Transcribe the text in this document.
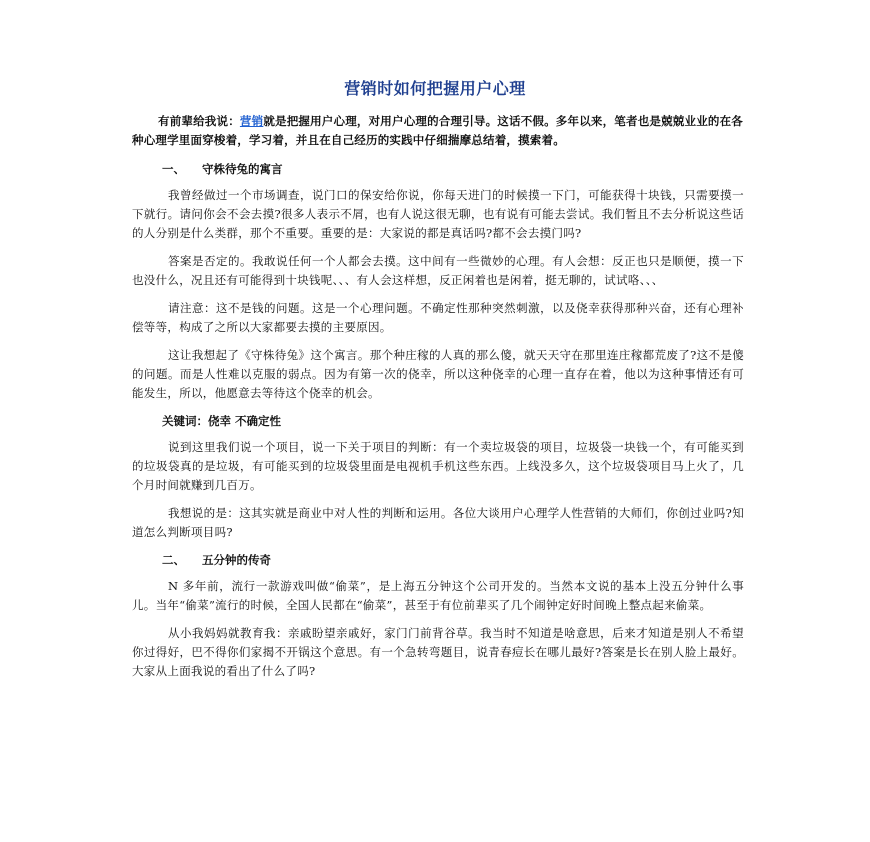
营销时如何把握用户心理

有前辈给我说：营销就是把握用户心理，对用户心理的合理引导。这话不假。多年以来，笔者也是兢兢业业的在各种心理学里面穿梭着，学习着，并且在自己经历的实践中仔细揣摩总结着，摸索着。

一、 守株待兔的寓言

我曾经做过一个市场调查，说门口的保安给你说，你每天进门的时候摸一下门，可能获得十块钱，只需要摸一下就行。请问你会不会去摸?很多人表示不屑，也有人说这很无聊，也有说有可能去尝试。我们暂且不去分析说这些话的人分别是什么类群，那个不重要。重要的是：大家说的都是真话吗?都不会去摸门吗?

答案是否定的。我敢说任何一个人都会去摸。这中间有一些微妙的心理。有人会想：反正也只是顺便，摸一下也没什么，况且还有可能得到十块钱呢、、、有人会这样想，反正闲着也是闲着，挺无聊的，试试咯、、、

请注意：这不是钱的问题。这是一个心理问题。不确定性那种突然刺激，以及侥幸获得那种兴奋，还有心理补偿等等，构成了之所以大家都要去摸的主要原因。

这让我想起了《守株待兔》这个寓言。那个种庄稼的人真的那么傻，就天天守在那里连庄稼都荒废了?这不是傻的问题。而是人性难以克服的弱点。因为有第一次的侥幸，所以这种侥幸的心理一直存在着，他以为这种事情还有可能发生，所以，他愿意去等待这个侥幸的机会。

关键词：侥幸 不确定性

说到这里我们说一个项目，说一下关于项目的判断：有一个卖垃圾袋的项目，垃圾袋一块钱一个，有可能买到的垃圾袋真的是垃圾，有可能买到的垃圾袋里面是电视机手机这些东西。上线没多久，这个垃圾袋项目马上火了，几个月时间就赚到几百万。

我想说的是：这其实就是商业中对人性的判断和运用。各位大谈用户心理学人性营销的大师们，你创过业吗?知道怎么判断项目吗?

二、 五分钟的传奇

N 多年前，流行一款游戏叫做“偷菜”，是上海五分钟这个公司开发的。当然本文说的基本上没五分钟什么事儿。当年“偷菜”流行的时候，全国人民都在“偷菜”，甚至于有位前辈买了几个闹钟定好时间晚上整点起来偷菜。

从小我妈妈就教育我：亲戚盼望亲戚好，家门门前背谷草。我当时不知道是啥意思，后来才知道是别人不希望你过得好，巴不得你们家揭不开锅这个意思。有一个急转弯题目，说青春痘长在哪儿最好?答案是长在别人脸上最好。大家从上面我说的看出了什么了吗?
